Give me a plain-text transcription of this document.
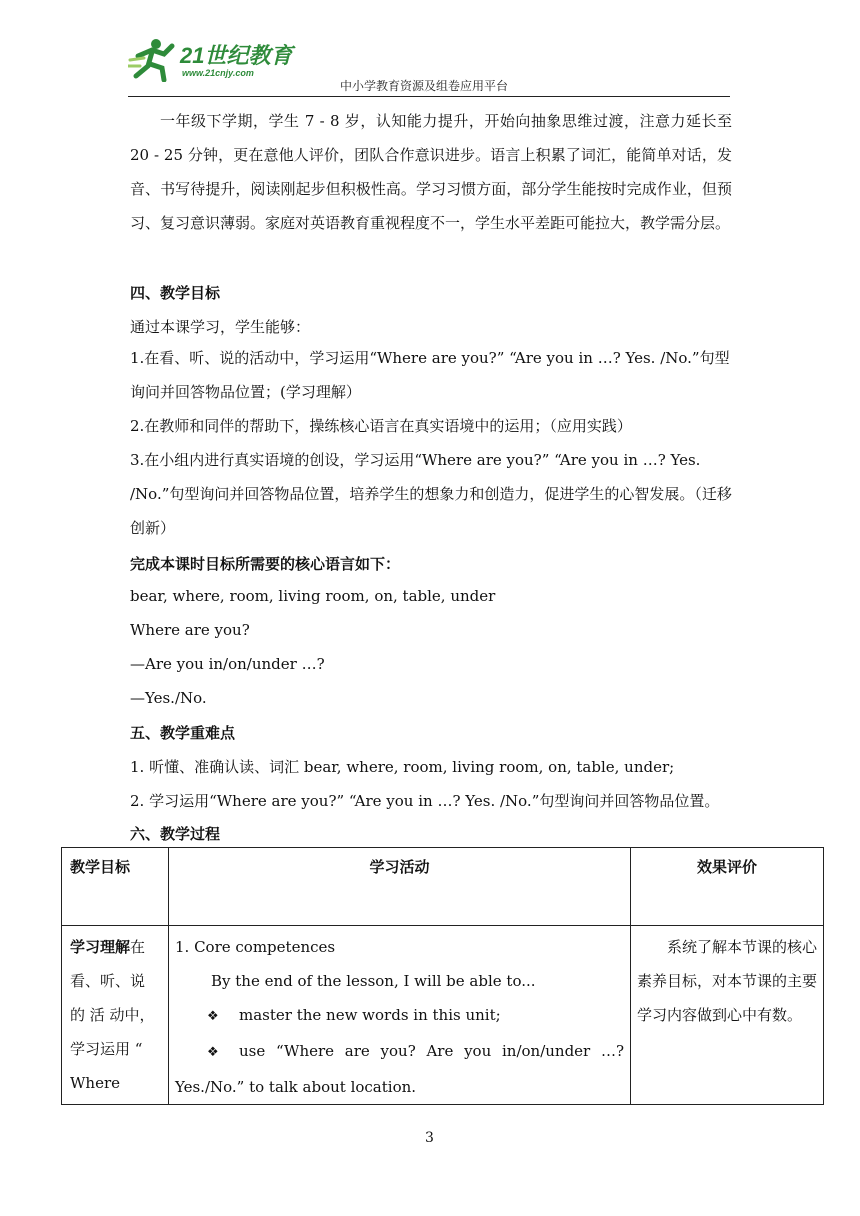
21世纪教育
www.21cnjy.com
中小学教育资源及组卷应用平台
一年级下学期，学生 7 - 8 岁，认知能力提升，开始向抽象思维过渡，注意力延长至 20 - 25 分钟，更在意他人评价，团队合作意识进步。语言上积累了词汇，能简单对话，发音、书写待提升，阅读刚起步但积极性高。学习习惯方面，部分学生能按时完成作业，但预习、复习意识薄弱。家庭对英语教育重视程度不一，学生水平差距可能拉大，教学需分层。
四、教学目标
通过本课学习，学生能够：
1.在看、听、说的活动中，学习运用“Where are you?” “Are you in …? Yes. /No.”句型询问并回答物品位置；(学习理解）
2.在教师和同伴的帮助下，操练核心语言在真实语境中的运用；（应用实践）
3.在小组内进行真实语境的创设，学习运用“Where are you?” “Are you in …? Yes. /No.”句型询问并回答物品位置，培养学生的想象力和创造力，促进学生的心智发展。（迁移创新）
完成本课时目标所需要的核心语言如下：
bear, where, room, living room, on, table, under
Where are you?
—Are you in/on/under …?
—Yes./No.
五、教学重难点
1. 听懂、准确认读、词汇 bear, where, room, living room, on, table, under;
2. 学习运用“Where are you?” “Are you in …? Yes. /No.”句型询问并回答物品位置。
六、教学过程
教学目标	学习活动	效果评价

学习理解在看、听、说 的 活 动中，学习运用 “ Where	1. Core competences
By the end of the lesson, I will be able to...
❖ master the new words in this unit;
❖ use “Where are you? Are you in/on/under …? Yes./No.” to talk about location.	系统了解本节课的核心素养目标，对本节课的主要学习内容做到心中有数。
3
